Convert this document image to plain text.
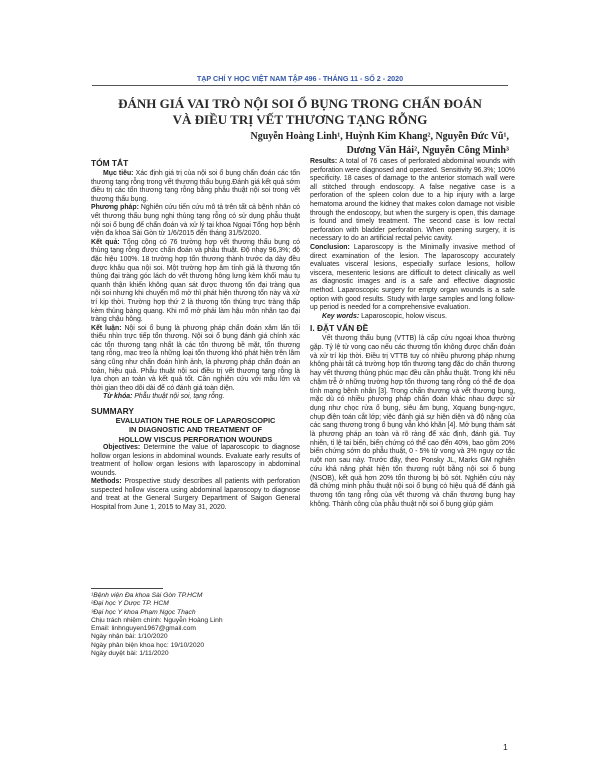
TẠP CHÍ Y HỌC VIỆT NAM TẬP 496 - THÁNG 11 - SỐ 2 - 2020
ĐÁNH GIÁ VAI TRÒ NỘI SOI Ổ BỤNG TRONG CHẨN ĐOÁN
VÀ ĐIỀU TRỊ VẾT THƯƠNG TẠNG RỖNG
Nguyễn Hoàng Linh¹, Huỳnh Kim Khang², Nguyễn Đức Vũ¹,
Dương Văn Hải², Nguyễn Công Minh³

TÓM TẮT

Mục tiêu: Xác định giá trị của nội soi ổ bụng chẩn đoán các tổn thương tạng rỗng trong vết thương thấu bụng.Đánh giá kết quả sớm điều trị các tổn thương tạng rỗng bằng phẫu thuật nội soi trong vết thương thấu bụng.

Phương pháp: Nghiên cứu tiến cứu mô tả trên tất cả bệnh nhân có vết thương thấu bụng nghi thủng tạng rỗng có sử dụng phẫu thuật nội soi ổ bụng để chẩn đoán và xử lý tại khoa Ngoại Tổng hợp bệnh viện đa khoa Sài Gòn từ 1/6/2015 đến tháng 31/5/2020.

Kết quả: Tổng cộng có 76 trường hợp vết thương thấu bụng có thủng tạng rỗng được chẩn đoán và phẫu thuật. Độ nhạy 96,3%; độ đặc hiệu 100%. 18 trường hợp tổn thương thành trước dạ dày đều được khâu qua nội soi. Một trường hợp âm tính giả là thương tổn thủng đại tràng góc lách do vết thương hông lưng kèm khối máu tụ quanh thận khiến không quan sát được thương tổn đại tràng qua nội soi nhưng khi chuyển mổ mở thì phát hiện thương tổn này và xử trí kịp thời. Trường hợp thứ 2 là thương tổn thủng trực tràng thấp kèm thủng bàng quang. Khi mổ mở phải làm hậu môn nhân tạo đại tràng chậu hông.

Kết luận: Nội soi ổ bụng là phương pháp chẩn đoán xâm lấn tối thiểu nhìn trực tiếp tổn thương. Nội soi ổ bụng đánh giá chính xác các tổn thương tạng nhất là các tổn thương bề mặt, tổn thương tạng rỗng, mạc treo là những loại tổn thương khó phát hiện trên lâm sàng cũng như chẩn đoán hình ảnh, là phương pháp chẩn đoán an toàn, hiệu quả. Phẫu thuật nội soi điều trị vết thương tạng rỗng là lựa chọn an toàn và kết quả tốt. Cần nghiên cứu với mẫu lớn và thời gian theo dõi dài để có đánh giá toàn diện.

Từ khóa: Phẫu thuật nội soi, tạng rỗng.

SUMMARY

EVALUATION THE ROLE OF LAPAROSCOPIC

IN DIAGNOSTIC AND TREATMENT OF

HOLLOW VISCUS PERFORATION WOUNDS

Objectives: Determine the value of laparoscopic to diagnose hollow organ lesions in abdominal wounds. Evaluate early results of treatment of hollow organ lesions with laparoscopy in abdominal wounds.

Methods: Prospective study describes all patients with perforation suspected hollow viscera using abdominal laparoscopy to diagnose and treat at the General Surgery Department of Saigon General Hospital from June 1, 2015 to May 31, 2020.

¹Bệnh viện Đa khoa Sài Gòn TP.HCM

²Đại học Y Dược TP. HCM

³Đại học Y khoa Phạm Ngọc Thạch

Chịu trách nhiệm chính: Nguyễn Hoàng Linh

Email: linhnguyen1967@gmail.com

Ngày nhận bài: 1/10/2020

Ngày phản biện khoa học: 19/10/2020

Ngày duyệt bài: 1/11/2020

Results: A total of 76 cases of perforated abdominal wounds with perforation were diagnosed and operated. Sensitivity 96.3%; 100% specificity. 18 cases of damage to the anterior stomach wall were all stitched through endoscopy. A false negative case is a perforation of the spleen colon due to a hip injury with a large hematoma around the kidney that makes colon damage not visible through the endoscopy, but when the surgery is open, this damage is found and timely treatment. The second case is low rectal perforation with bladder perforation. When opening surgery, it is necessary to do an artificial rectal pelvic cavity.

Conclusion: Laparoscopy is the Minimally invasive method of direct examination of the lesion. The laparoscopy accurately evaluates visceral lesions, especially surface lesions, hollow viscera, mesenteric lesions are difficult to detect clinically as well as diagnostic images and is a safe and effective diagnostic method. Laparoscopic surgery for empty organ wounds is a safe option with good results. Study with large samples and long follow-up period is needed for a comprehensive evaluation.

Key words: Laparoscopic, holow viscus.

I. ĐẶT VẤN ĐỀ

Vết thương thấu bụng (VTTB) là cấp cứu ngoại khoa thường gặp. Tỷ lệ tử vong cao nếu các thương tổn không được chẩn đoán và xử trí kịp thời. Điều trị VTTB tuy có nhiều phương pháp nhưng không phải tất cả trường hợp tổn thương tạng đặc do chấn thương hay vết thương thủng phúc mạc đều cần phẫu thuật. Trong khi nếu chậm trễ ở những trường hợp tổn thương tạng rỗng có thể đe dọa tính mạng bệnh nhân [3]. Trong chấn thương và vết thương bụng, mặc dù có nhiều phương pháp chẩn đoán khác nhau được sử dụng như chọc rửa ổ bụng, siêu âm bụng, Xquang bụng-ngực, chụp điện toán cắt lớp; việc đánh giá sự hiện diện và độ nặng của các sang thương trong ổ bụng vẫn khó khăn [4]. Mở bụng thám sát là phương pháp an toàn và rõ ràng để xác định, đánh giá. Tuy nhiên, tỉ lệ tai biến, biến chứng có thể cao đến 40%, bao gồm 20% biến chứng sớm do phẫu thuật, 0 - 5% tử vong và 3% nguy cơ tắc ruột non sau này. Trước đây, theo Ponsky JL, Marks GM nghiên cứu khả năng phát hiện tổn thương ruột bằng nội soi ổ bụng (NSOB), kết quả hơn 20% tổn thương bị bỏ sót. Nghiên cứu này đã chứng minh phẫu thuật nội soi ổ bụng có hiệu quả để đánh giá thương tổn tạng rỗng của vết thương và chấn thương bụng hay không. Thành công của phẫu thuật nội soi ổ bụng giúp giảm

1
